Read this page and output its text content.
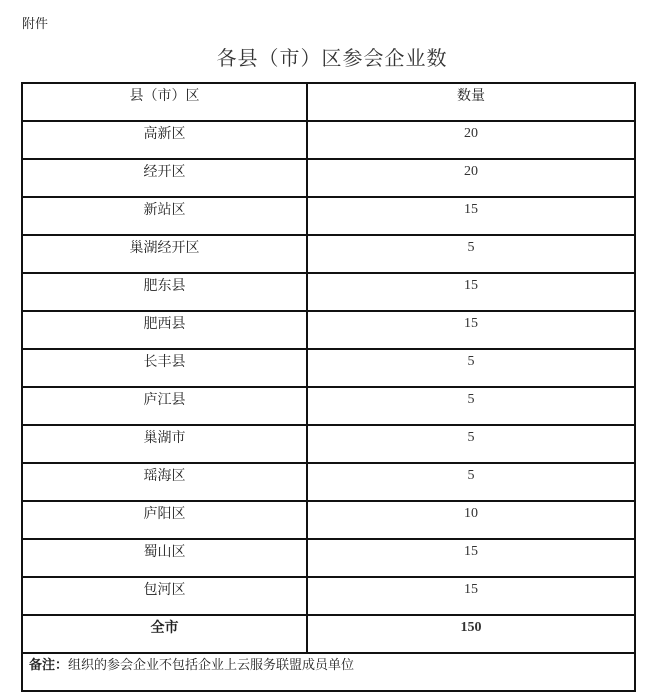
附件
各县（市）区参会企业数
县（市）区	数量
高新区	20
经开区	20
新站区	15
巢湖经开区	5
肥东县	15
肥西县	15
长丰县	5
庐江县	5
巢湖市	5
瑶海区	5
庐阳区	10
蜀山区	15
包河区	15
全市	150
备注：组织的参会企业不包括企业上云服务联盟成员单位	
